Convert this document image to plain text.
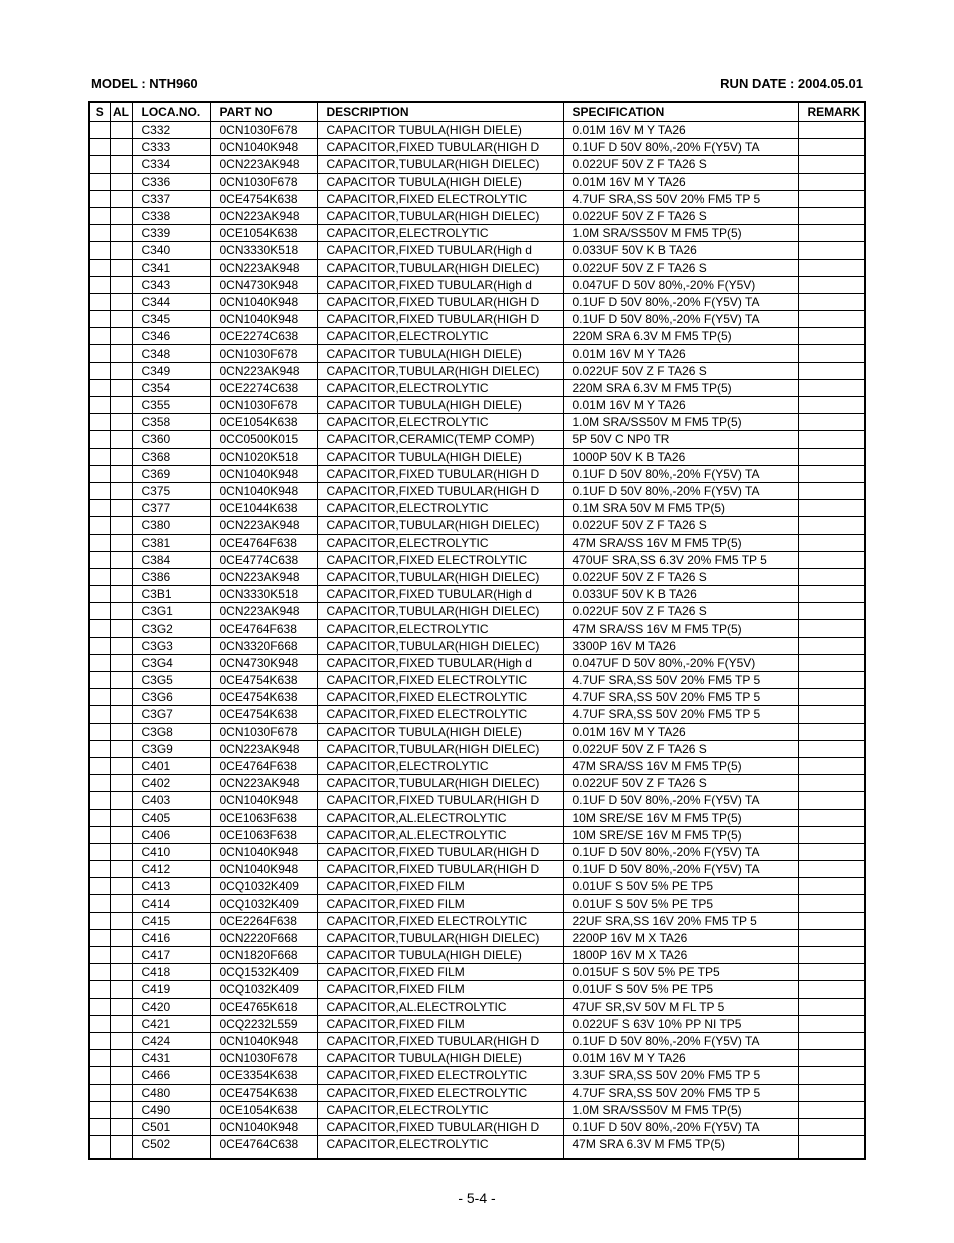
MODEL : NTH960	RUN DATE : 2004.05.01
S	AL	LOCA.NO.	PART NO	DESCRIPTION	SPECIFICATION	REMARK
		C332	0CN1030F678	CAPACITOR TUBULA(HIGH DIELE)	0.01M 16V M Y TA26	
		C333	0CN1040K948	CAPACITOR,FIXED TUBULAR(HIGH D	0.1UF D 50V 80%,-20% F(Y5V) TA	
		C334	0CN223AK948	CAPACITOR,TUBULAR(HIGH DIELEC)	0.022UF 50V Z F TA26 S	
		C336	0CN1030F678	CAPACITOR TUBULA(HIGH DIELE)	0.01M 16V M Y TA26	
		C337	0CE4754K638	CAPACITOR,FIXED ELECTROLYTIC	4.7UF SRA,SS 50V 20% FM5 TP 5	
		C338	0CN223AK948	CAPACITOR,TUBULAR(HIGH DIELEC)	0.022UF 50V Z F TA26 S	
		C339	0CE1054K638	CAPACITOR,ELECTROLYTIC	1.0M SRA/SS50V M FM5 TP(5)	
		C340	0CN3330K518	CAPACITOR,FIXED TUBULAR(High d	0.033UF 50V K B TA26	
		C341	0CN223AK948	CAPACITOR,TUBULAR(HIGH DIELEC)	0.022UF 50V Z F TA26 S	
		C343	0CN4730K948	CAPACITOR,FIXED TUBULAR(High d	0.047UF D 50V 80%,-20% F(Y5V)	
		C344	0CN1040K948	CAPACITOR,FIXED TUBULAR(HIGH D	0.1UF D 50V 80%,-20% F(Y5V) TA	
		C345	0CN1040K948	CAPACITOR,FIXED TUBULAR(HIGH D	0.1UF D 50V 80%,-20% F(Y5V) TA	
		C346	0CE2274C638	CAPACITOR,ELECTROLYTIC	220M SRA 6.3V M FM5 TP(5)	
		C348	0CN1030F678	CAPACITOR TUBULA(HIGH DIELE)	0.01M 16V M Y TA26	
		C349	0CN223AK948	CAPACITOR,TUBULAR(HIGH DIELEC)	0.022UF 50V Z F TA26 S	
		C354	0CE2274C638	CAPACITOR,ELECTROLYTIC	220M SRA 6.3V M FM5 TP(5)	
		C355	0CN1030F678	CAPACITOR TUBULA(HIGH DIELE)	0.01M 16V M Y TA26	
		C358	0CE1054K638	CAPACITOR,ELECTROLYTIC	1.0M SRA/SS50V M FM5 TP(5)	
		C360	0CC0500K015	CAPACITOR,CERAMIC(TEMP COMP)	5P 50V C NP0 TR	
		C368	0CN1020K518	CAPACITOR TUBULA(HIGH DIELE)	1000P 50V K B TA26	
		C369	0CN1040K948	CAPACITOR,FIXED TUBULAR(HIGH D	0.1UF D 50V 80%,-20% F(Y5V) TA	
		C375	0CN1040K948	CAPACITOR,FIXED TUBULAR(HIGH D	0.1UF D 50V 80%,-20% F(Y5V) TA	
		C377	0CE1044K638	CAPACITOR,ELECTROLYTIC	0.1M SRA 50V M FM5 TP(5)	
		C380	0CN223AK948	CAPACITOR,TUBULAR(HIGH DIELEC)	0.022UF 50V Z F TA26 S	
		C381	0CE4764F638	CAPACITOR,ELECTROLYTIC	47M SRA/SS 16V M FM5 TP(5)	
		C384	0CE4774C638	CAPACITOR,FIXED ELECTROLYTIC	470UF SRA,SS 6.3V 20% FM5 TP 5	
		C386	0CN223AK948	CAPACITOR,TUBULAR(HIGH DIELEC)	0.022UF 50V Z F TA26 S	
		C3B1	0CN3330K518	CAPACITOR,FIXED TUBULAR(High d	0.033UF 50V K B TA26	
		C3G1	0CN223AK948	CAPACITOR,TUBULAR(HIGH DIELEC)	0.022UF 50V Z F TA26 S	
		C3G2	0CE4764F638	CAPACITOR,ELECTROLYTIC	47M SRA/SS 16V M FM5 TP(5)	
		C3G3	0CN3320F668	CAPACITOR,TUBULAR(HIGH DIELEC)	3300P 16V M TA26	
		C3G4	0CN4730K948	CAPACITOR,FIXED TUBULAR(High d	0.047UF D 50V 80%,-20% F(Y5V)	
		C3G5	0CE4754K638	CAPACITOR,FIXED ELECTROLYTIC	4.7UF SRA,SS 50V 20% FM5 TP 5	
		C3G6	0CE4754K638	CAPACITOR,FIXED ELECTROLYTIC	4.7UF SRA,SS 50V 20% FM5 TP 5	
		C3G7	0CE4754K638	CAPACITOR,FIXED ELECTROLYTIC	4.7UF SRA,SS 50V 20% FM5 TP 5	
		C3G8	0CN1030F678	CAPACITOR TUBULA(HIGH DIELE)	0.01M 16V M Y TA26	
		C3G9	0CN223AK948	CAPACITOR,TUBULAR(HIGH DIELEC)	0.022UF 50V Z F TA26 S	
		C401	0CE4764F638	CAPACITOR,ELECTROLYTIC	47M SRA/SS 16V M FM5 TP(5)	
		C402	0CN223AK948	CAPACITOR,TUBULAR(HIGH DIELEC)	0.022UF 50V Z F TA26 S	
		C403	0CN1040K948	CAPACITOR,FIXED TUBULAR(HIGH D	0.1UF D 50V 80%,-20% F(Y5V) TA	
		C405	0CE1063F638	CAPACITOR,AL.ELECTROLYTIC	10M SRE/SE 16V M FM5 TP(5)	
		C406	0CE1063F638	CAPACITOR,AL.ELECTROLYTIC	10M SRE/SE 16V M FM5 TP(5)	
		C410	0CN1040K948	CAPACITOR,FIXED TUBULAR(HIGH D	0.1UF D 50V 80%,-20% F(Y5V) TA	
		C412	0CN1040K948	CAPACITOR,FIXED TUBULAR(HIGH D	0.1UF D 50V 80%,-20% F(Y5V) TA	
		C413	0CQ1032K409	CAPACITOR,FIXED FILM	0.01UF S 50V 5% PE TP5	
		C414	0CQ1032K409	CAPACITOR,FIXED FILM	0.01UF S 50V 5% PE TP5	
		C415	0CE2264F638	CAPACITOR,FIXED ELECTROLYTIC	22UF SRA,SS 16V 20% FM5 TP 5	
		C416	0CN2220F668	CAPACITOR,TUBULAR(HIGH DIELEC)	2200P 16V M X TA26	
		C417	0CN1820F668	CAPACITOR TUBULA(HIGH DIELE)	1800P 16V M X TA26	
		C418	0CQ1532K409	CAPACITOR,FIXED FILM	0.015UF S 50V 5% PE TP5	
		C419	0CQ1032K409	CAPACITOR,FIXED FILM	0.01UF S 50V 5% PE TP5	
		C420	0CE4765K618	CAPACITOR,AL.ELECTROLYTIC	47UF SR,SV 50V M FL TP 5	
		C421	0CQ2232L559	CAPACITOR,FIXED FILM	0.022UF S 63V 10% PP NI TP5	
		C424	0CN1040K948	CAPACITOR,FIXED TUBULAR(HIGH D	0.1UF D 50V 80%,-20% F(Y5V) TA	
		C431	0CN1030F678	CAPACITOR TUBULA(HIGH DIELE)	0.01M 16V M Y TA26	
		C466	0CE3354K638	CAPACITOR,FIXED ELECTROLYTIC	3.3UF SRA,SS 50V 20% FM5 TP 5	
		C480	0CE4754K638	CAPACITOR,FIXED ELECTROLYTIC	4.7UF SRA,SS 50V 20% FM5 TP 5	
		C490	0CE1054K638	CAPACITOR,ELECTROLYTIC	1.0M SRA/SS50V M FM5 TP(5)	
		C501	0CN1040K948	CAPACITOR,FIXED TUBULAR(HIGH D	0.1UF D 50V 80%,-20% F(Y5V) TA	
		C502	0CE4764C638	CAPACITOR,ELECTROLYTIC	47M SRA 6.3V M FM5 TP(5)	
- 5-4 -
